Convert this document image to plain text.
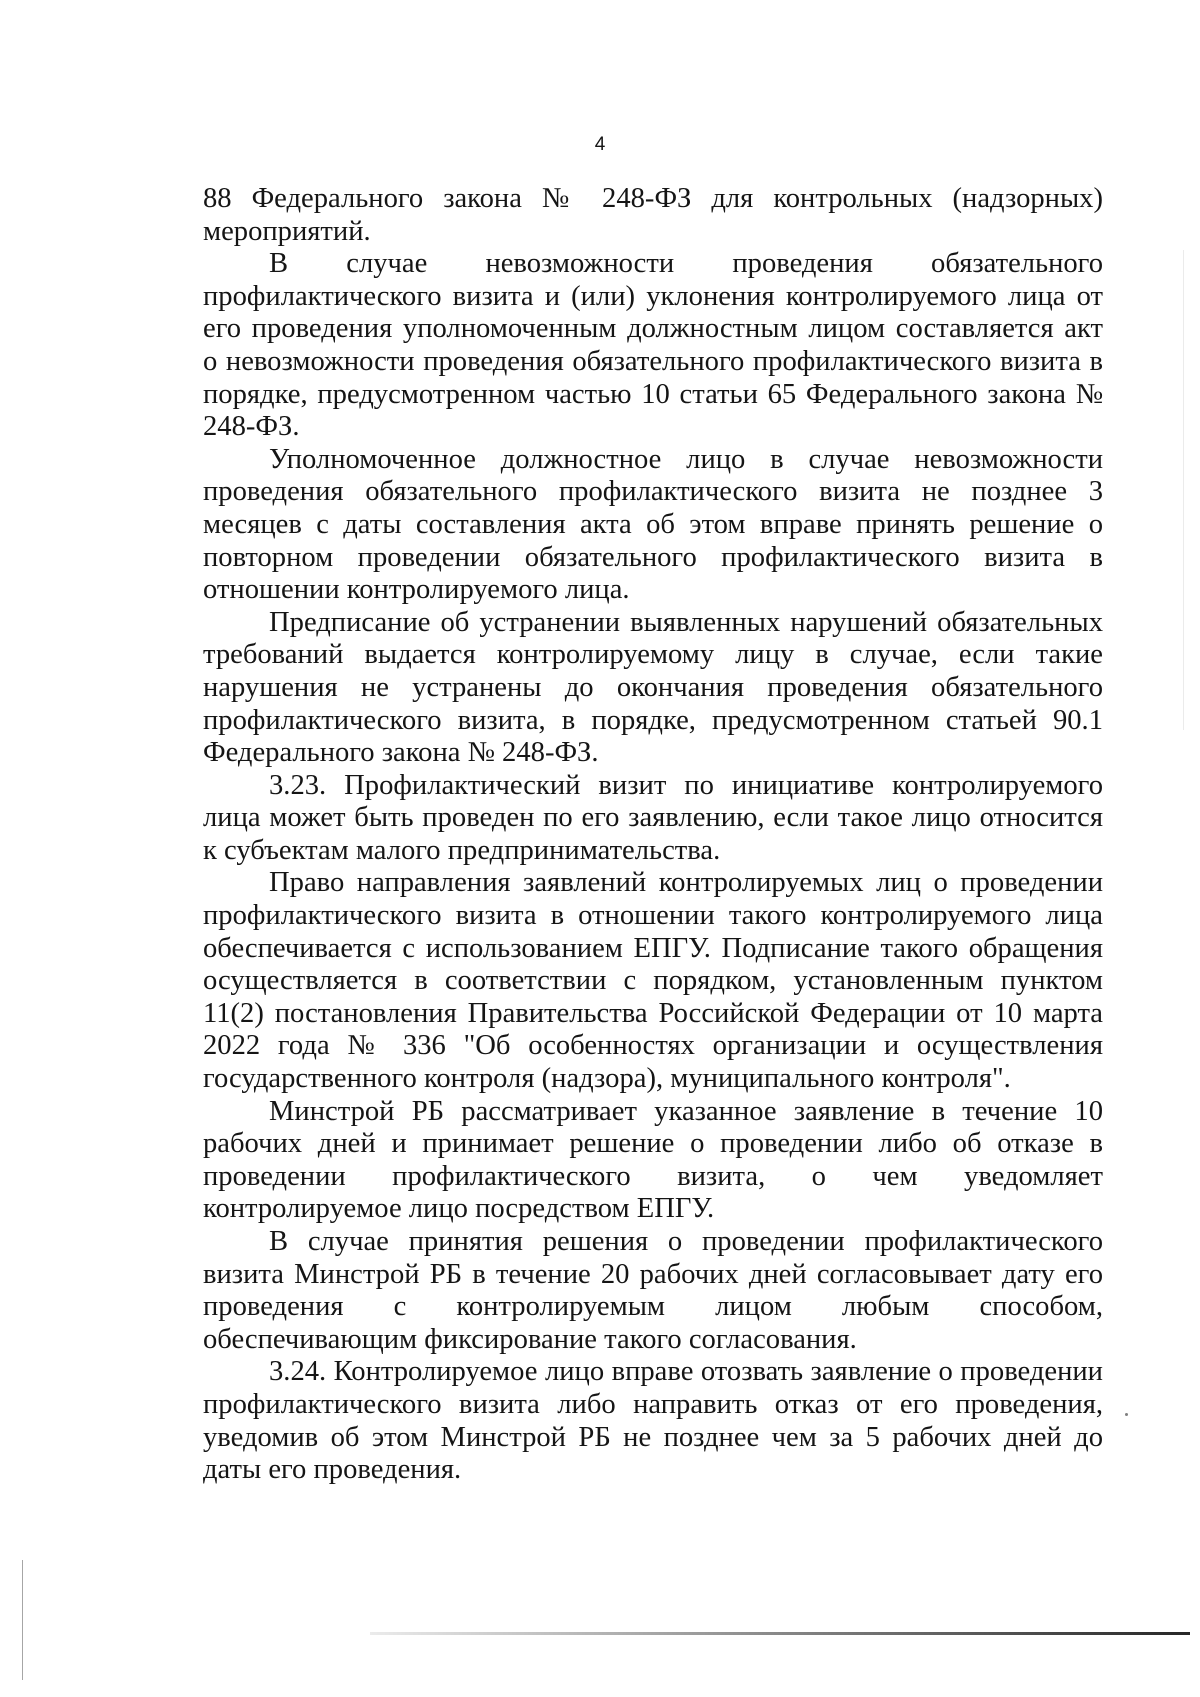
4

88 Федерального закона № 248-ФЗ для контрольных (надзорных) мероприятий.

В случае невозможности проведения обязательного профилактического визита и (или) уклонения контролируемого лица от его проведения уполномоченным должностным лицом составляется акт о невозможности проведения обязательного профилактического визита в порядке, предусмотренном частью 10 статьи 65 Федерального закона № 248-ФЗ.

Уполномоченное должностное лицо в случае невозможности проведения обязательного профилактического визита не позднее 3 месяцев с даты составления акта об этом вправе принять решение о повторном проведении обязательного профилактического визита в отношении контролируемого лица.

Предписание об устранении выявленных нарушений обязательных требований выдается контролируемому лицу в случае, если такие нарушения не устранены до окончания проведения обязательного профилактического визита, в порядке, предусмотренном статьей 90.1 Федерального закона № 248-ФЗ.

3.23. Профилактический визит по инициативе контролируемого лица может быть проведен по его заявлению, если такое лицо относится к субъектам малого предпринимательства.

Право направления заявлений контролируемых лиц о проведении профилактического визита в отношении такого контролируемого лица обеспечивается с использованием ЕПГУ. Подписание такого обращения осуществляется в соответствии с порядком, установленным пунктом 11(2) постановления Правительства Российской Федерации от 10 марта 2022 года № 336 "Об особенностях организации и осуществления государственного контроля (надзора), муниципального контроля".

Минстрой РБ рассматривает указанное заявление в течение 10 рабочих дней и принимает решение о проведении либо об отказе в проведении профилактического визита, о чем уведомляет контролируемое лицо посредством ЕПГУ.

В случае принятия решения о проведении профилактического визита Минстрой РБ в течение 20 рабочих дней согласовывает дату его проведения с контролируемым лицом любым способом, обеспечивающим фиксирование такого согласования.

3.24. Контролируемое лицо вправе отозвать заявление о проведении профилактического визита либо направить отказ от его проведения, уведомив об этом Минстрой РБ не позднее чем за 5 рабочих дней до даты его проведения.
